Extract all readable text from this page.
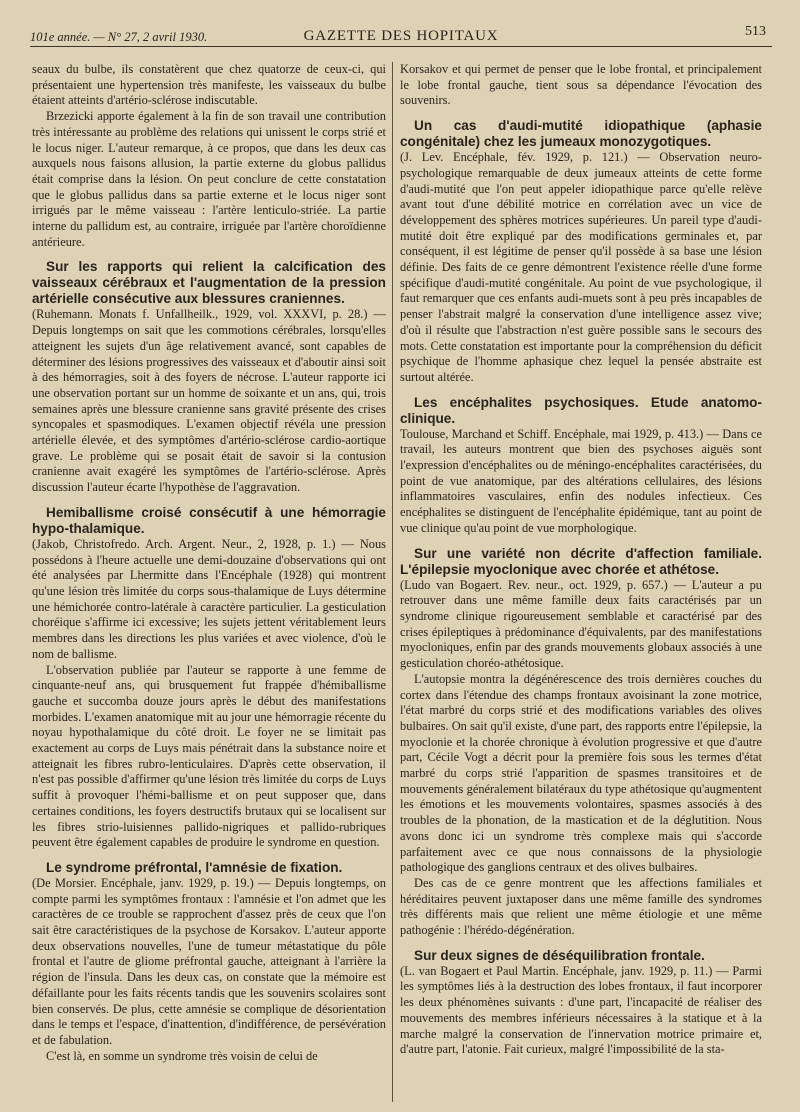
101e année. — N° 27, 2 avril 1930.	GAZETTE DES HOPITAUX	513

seaux du bulbe, ils constatèrent que chez quatorze de ceux-ci, qui présentaient une hypertension très manifeste, les vaisseaux du bulbe étaient atteints d'artério-sclérose indiscutable.

Brzezicki apporte également à la fin de son travail une contribution très intéressante au problème des relations qui unissent le corps strié et le locus niger. L'auteur remarque, à ce propos, que dans les deux cas auxquels nous faisons allusion, la partie externe du globus pallidus était comprise dans la lésion. On peut conclure de cette constatation que le globus pallidus dans sa partie externe et le locus niger sont irrigués par le même vaisseau : l'artère lenticulo-striée. La partie interne du pallidum est, au contraire, irriguée par l'artère choroïdienne antérieure.

Sur les rapports qui relient la calcification des vaisseaux cérébraux et l'augmentation de la pression artérielle consécutive aux blessures craniennes.

(Ruhemann. Monats f. Unfallheilk., 1929, vol. XXXVI, p. 28.) — Depuis longtemps on sait que les commotions cérébrales, lorsqu'elles atteignent les sujets d'un âge relativement avancé, sont capables de déterminer des lésions progressives des vaisseaux et d'aboutir ainsi soit à des hémorragies, soit à des foyers de nécrose. L'auteur rapporte ici une observation portant sur un homme de soixante et un ans, qui, trois semaines après une blessure cranienne sans gravité présente des crises syncopales et spasmodiques. L'examen objectif révéla une pression artérielle élevée, et des symptômes d'artério-sclérose cardio-aortique grave. Le problème qui se posait était de savoir si la contusion cranienne avait exagéré les symptômes de l'artério-sclérose. Après discussion l'auteur écarte l'hypothèse de l'aggravation.

Hemiballisme croisé consécutif à une hémorragie hypo-thalamique.

(Jakob, Christofredo. Arch. Argent. Neur., 2, 1928, p. 1.) — Nous possédons à l'heure actuelle une demi-douzaine d'observations qui ont été analysées par Lhermitte dans l'Encéphale (1928) qui montrent qu'une lésion très limitée du corps sous-thalamique de Luys détermine une hémichorée contro-latérale à caractère particulier. La gesticulation choréique s'affirme ici excessive; les sujets jettent véritablement leurs membres dans les directions les plus variées et avec violence, d'où le nom de ballisme.

L'observation publiée par l'auteur se rapporte à une femme de cinquante-neuf ans, qui brusquement fut frappée d'hémiballisme gauche et succomba douze jours après le début des manifestations morbides. L'examen anatomique mit au jour une hémorragie récente du noyau hypothalamique du côté droit. Le foyer ne se limitait pas exactement au corps de Luys mais pénétrait dans la substance noire et atteignait les fibres rubro-lenticulaires. D'après cette observation, il n'est pas possible d'affirmer qu'une lésion très limitée du corps de Luys suffit à provoquer l'hémi-ballisme et on peut supposer que, dans certaines conditions, les foyers destructifs brutaux qui se localisent sur les fibres strio-luisiennes pallido-nigriques et pallido-rubriques peuvent être également capables de produire le syndrome en question.

Le syndrome préfrontal, l'amnésie de fixation.

(De Morsier. Encéphale, janv. 1929, p. 19.) — Depuis longtemps, on compte parmi les symptômes frontaux : l'amnésie et l'on admet que les caractères de ce trouble se rapprochent d'assez près de ceux que l'on sait être caractéristiques de la psychose de Korsakov. L'auteur apporte deux observations nouvelles, l'une de tumeur métastatique du pôle frontal et l'autre de gliome préfrontal gauche, atteignant à l'arrière la région de l'insula. Dans les deux cas, on constate que la mémoire est défaillante pour les faits récents tandis que les souvenirs scolaires sont bien conservés. De plus, cette amnésie se complique de désorientation dans le temps et l'espace, d'inattention, d'indifférence, de persévération et de fabulation.

C'est là, en somme un syndrome très voisin de celui de

Korsakov et qui permet de penser que le lobe frontal, et principalement le lobe frontal gauche, tient sous sa dépendance l'évocation des souvenirs.

Un cas d'audi-mutité idiopathique (aphasie congénitale) chez les jumeaux monozygotiques.

(J. Lev. Encéphale, fév. 1929, p. 121.) — Observation neuro-psychologique remarquable de deux jumeaux atteints de cette forme d'audi-mutité que l'on peut appeler idiopathique parce qu'elle relève avant tout d'une débilité motrice en corrélation avec un vice de développement des sphères motrices supérieures. Un pareil type d'audi-mutité doit être expliqué par des modifications germinales et, par conséquent, il est légitime de penser qu'il possède à sa base une lésion définie. Des faits de ce genre démontrent l'existence réelle d'une forme spécifique d'audi-mutité congénitale. Au point de vue psychologique, il faut remarquer que ces enfants audi-muets sont à peu près incapables de penser l'abstrait malgré la conservation d'une intelligence assez vive; d'où il résulte que l'abstraction n'est guère possible sans le secours des mots. Cette constatation est importante pour la compréhension du déficit psychique de l'homme aphasique chez lequel la pensée abstraite est surtout altérée.

Les encéphalites psychosiques. Etude anatomo-clinique.

Toulouse, Marchand et Schiff. Encéphale, mai 1929, p. 413.) — Dans ce travail, les auteurs montrent que bien des psychoses aiguës sont l'expression d'encéphalites ou de méningo-encéphalites caractérisées, du point de vue anatomique, par des altérations cellulaires, des lésions inflammatoires vasculaires, enfin des nodules infectieux. Ces encéphalites se distinguent de l'encéphalite épidémique, tant au point de vue clinique qu'au point de vue morphologique.

Sur une variété non décrite d'affection familiale. L'épilepsie myoclonique avec chorée et athétose.

(Ludo van Bogaert. Rev. neur., oct. 1929, p. 657.) — L'auteur a pu retrouver dans une même famille deux faits caractérisés par un syndrome clinique rigoureusement semblable et caractérisé par des crises épileptiques à prédominance d'équivalents, par des manifestations myocloniques, enfin par des grands mouvements globaux associés à une gesticulation choréo-athétosique.

L'autopsie montra la dégénérescence des trois dernières couches du cortex dans l'étendue des champs frontaux avoisinant la zone motrice, l'état marbré du corps strié et des modifications variables des olives bulbaires. On sait qu'il existe, d'une part, des rapports entre l'épilepsie, la myoclonie et la chorée chronique à évolution progressive et que d'autre part, Cécile Vogt a décrit pour la première fois sous les termes d'état marbré du corps strié l'apparition de spasmes transitoires et de mouvements généralement bilatéraux du type athétosique qu'augmentent les émotions et les mouvements volontaires, spasmes associés à des troubles de la phonation, de la mastication et de la déglutition. Nous avons donc ici un syndrome très complexe mais qui s'accorde parfaitement avec ce que nous connaissons de la physiologie pathologique des ganglions centraux et des olives bulbaires.

Des cas de ce genre montrent que les affections familiales et héréditaires peuvent juxtaposer dans une même famille des syndromes très différents mais que relient une même étiologie et une même pathogénie : l'hérédo-dégénération.

Sur deux signes de déséquilibration frontale.

(L. van Bogaert et Paul Martin. Encéphale, janv. 1929, p. 11.) — Parmi les symptômes liés à la destruction des lobes frontaux, il faut incorporer les deux phénomènes suivants : d'une part, l'incapacité de réaliser des mouvements des membres inférieurs nécessaires à la statique et à la marche malgré la conservation de l'innervation motrice primaire et, d'autre part, l'atonie. Fait curieux, malgré l'impossibilité de la sta-
